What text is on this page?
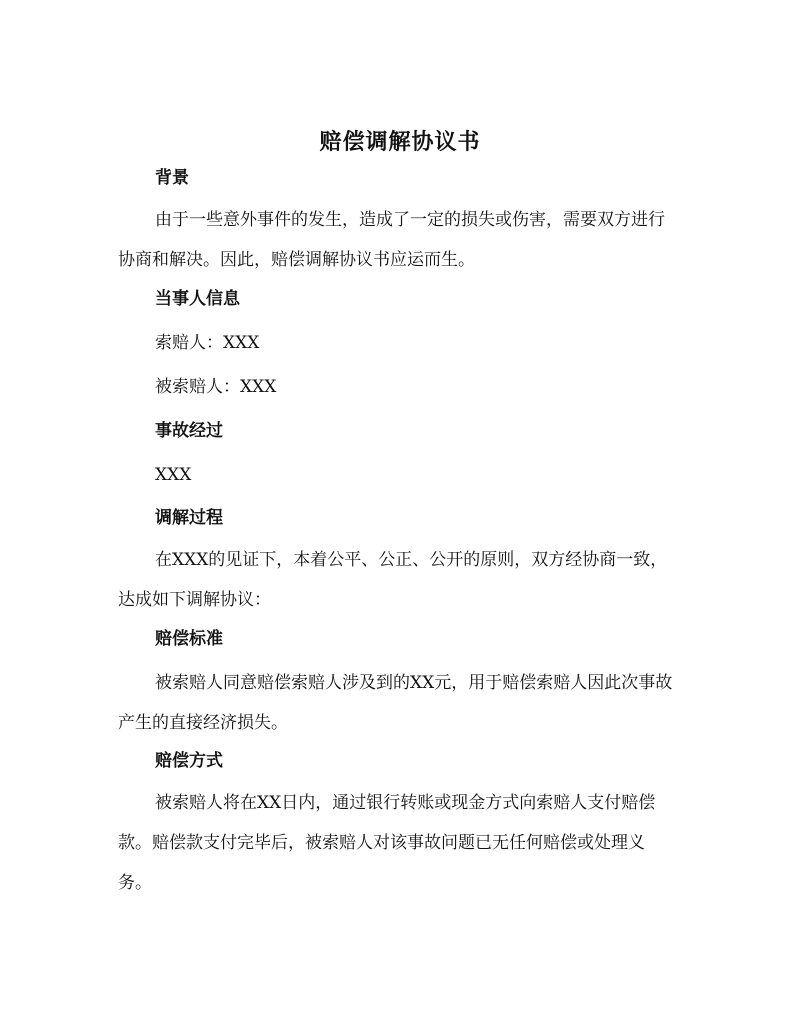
赔偿调解协议书
背景

由于一些意外事件的发生，造成了一定的损失或伤害，需要双方进行协商和解决。因此，赔偿调解协议书应运而生。

当事人信息
索赔人：XXX
被索赔人：XXX
事故经过
XXX
调解过程

在XXX的见证下，本着公平、公正、公开的原则，双方经协商一致，达成如下调解协议：

赔偿标准

被索赔人同意赔偿索赔人涉及到的XX元，用于赔偿索赔人因此次事故产生的直接经济损失。

赔偿方式

被索赔人将在XX日内，通过银行转账或现金方式向索赔人支付赔偿款。赔偿款支付完毕后，被索赔人对该事故问题已无任何赔偿或处理义务。
